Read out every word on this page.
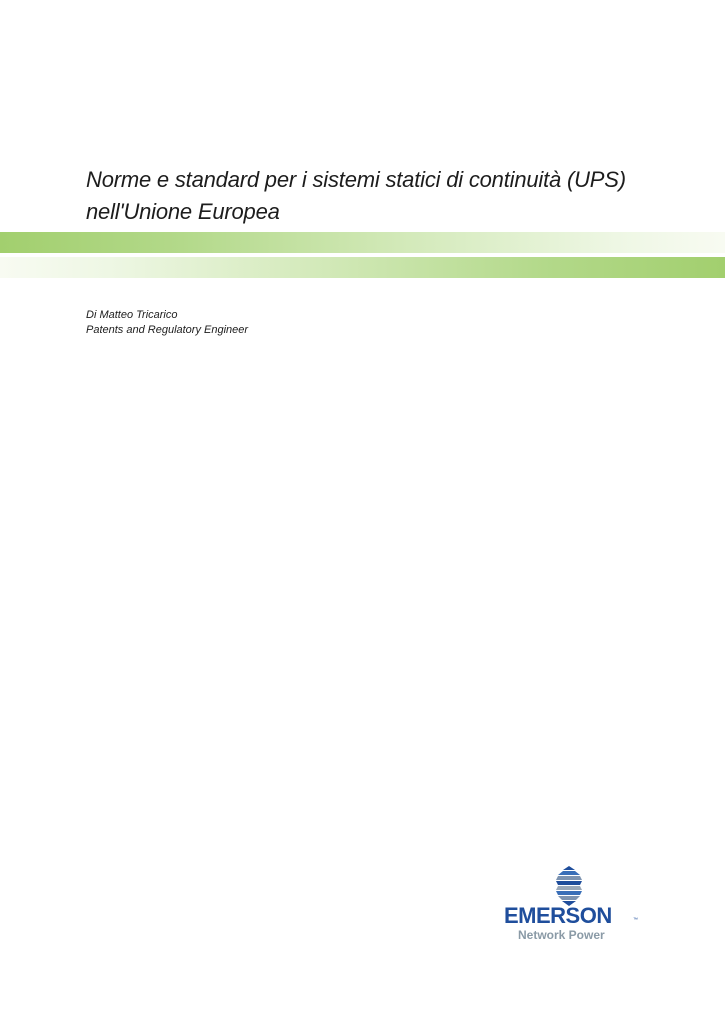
Norme e standard per i sistemi statici di continuità (UPS)
nell'Unione Europea
Di Matteo Tricarico
Patents and Regulatory Engineer
EMERSON	™
Network Power
